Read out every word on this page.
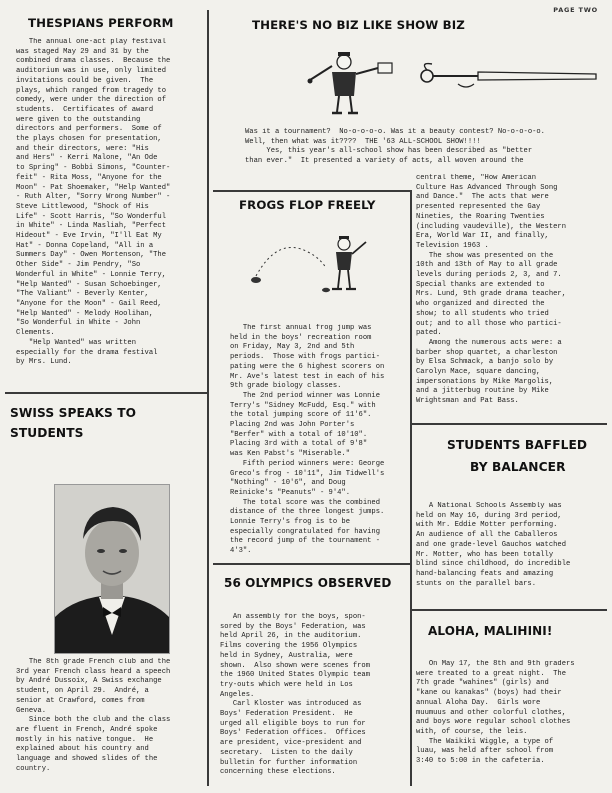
PAGE TWO
THESPIANS PERFORM
The annual one-act play festival
was staged May 29 and 31 by the
combined drama classes.  Because the
auditorium was in use, only limited
invitations could be given.  The
plays, which ranged from tragedy to
comedy, were under the direction of
students.  Certificates of award
were given to the outstanding
directors and performers.  Some of
the plays chosen for presentation,
and their directors, were: "His
and Hers" - Kerri Malone, "An Ode
to Spring" - Bobbi Simons, "Counter-
feit" - Rita Moss, "Anyone for the
Moon" - Pat Shoemaker, "Help Wanted"
- Ruth Alter, "Sorry Wrong Number" -
Steve Littlewood, "Shock of His
Life" - Scott Harris, "So Wonderful
in White" - Linda Masliah, "Perfect
Hideout" - Eve Irvin, "I'll Eat My
Hat" - Donna Copeland, "All in a
Summers Day" - Owen Mortenson, "The
Other Side" - Jim Pendry, "So
Wonderful in White" - Lonnie Terry,
"Help Wanted" - Susan Schoebinger,
"The Valiant" - Beverly Kenter,
"Anyone for the Moon" - Gail Reed,
"Help Wanted" - Melody Hoolihan,
"So Wonderful in White - John
Clements.
"Help Wanted" was written
especially for the drama festival
by Mrs. Lund.
THERE'S NO BIZ LIKE SHOW BIZ
Was it a tournament?  No-o-o-o-o. Was it a beauty contest? No-o-o-o-o.
Well, then what was it????  THE '63 ALL-SCHOOL SHOW!!!!
Yes, this year's all-school show has been described as "better
than ever."  It presented a variety of acts, all woven around the
central theme, "How American
Culture Has Advanced Through Song
and Dance."  The acts that were
presented represented the Gay
Nineties, the Roaring Twenties
(including vaudeville), the Western
Era, World War II, and finally,
Television 1963 .
The show was presented on the
10th and 13th of May to all grade
levels during periods 2, 3, and 7.
Special thanks are extended to
Mrs. Lund, 9th grade drama teacher,
who organized and directed the
show; to all students who tried
out; and to all those who partici-
pated.
Among the numerous acts were: a
barber shop quartet, a charleston
by Elsa Schmack, a banjo solo by
Carolyn Mace, square dancing,
impersonations by Mike Margolis,
and a jitterbug routine by Mike
Wrightsman and Pat Bass.
FROGS FLOP FREELY
The first annual frog jump was
held in the boys' recreation room
on Friday, May 3, 2nd and 5th
periods.  Those with frogs partici-
pating were the 6 highest scorers on
Mr. Ave's latest test in each of his
9th grade biology classes.
The 2nd period winner was Lonnie
Terry's "Sidney McFudd, Esq." with
the total jumping score of 11'6".
Placing 2nd was John Porter's
"Berfer" with a total of 10'10".
Placing 3rd with a total of 9'8"
was Ken Pabst's "Miserable."
Fifth period winners were: George
Greco's frog - 10'11", Jim Tidwell's
"Nothing" - 10'6", and Doug
Reinicke's "Peanuts" - 9'4".
The total score was the combined
distance of the three longest jumps.
Lonnie Terry's frog is to be
especially congratulated for having
the record jump of the tournament -
4'3".
SWISS SPEAKS TO
STUDENTS
The 8th grade French club and the
3rd year French class heard a speech
by André Dussoix, A Swiss exchange
student, on April 29.  André, a
senior at Crawford, comes from
Geneva.
Since both the club and the class
are fluent in French, André spoke
mostly in his native tongue.  He
explained about his country and
language and showed slides of the
country.
STUDENTS BAFFLED
BY BALANCER
A National Schools Assembly was
held on May 16, during 3rd period,
with Mr. Eddie Motter performing.
An audience of all the Caballeros
and one grade-level Gauchos watched
Mr. Motter, who has been totally
blind since childhood, do incredible
hand-balancing feats and amazing
stunts on the parallel bars.
56 OLYMPICS OBSERVED
An assembly for the boys, spon-
sored by the Boys' Federation, was
held April 26, in the auditorium.
Films covering the 1956 Olympics
held in Sydney, Australia, were
shown.  Also shown were scenes from
the 1960 United States Olympic team
try-outs which were held in Los
Angeles.
Carl Kloster was introduced as
Boys' Federation President.  He
urged all eligible boys to run for
Boys' Federation offices.  Offices
are president, vice-president and
secretary.  Listen to the daily
bulletin for further information
concerning these elections.
ALOHA, MALIHINI!
On May 17, the 8th and 9th graders
were treated to a great night.  The
7th grade "wahines" (girls) and
"kane ou kanakas" (boys) had their
annual Aloha Day.  Girls wore
muumuus and other colorful clothes,
and boys wore regular school clothes
with, of course, the leis.
The Waikiki Wiggle, a type of
luau, was held after school from
3:40 to 5:00 in the cafeteria.
